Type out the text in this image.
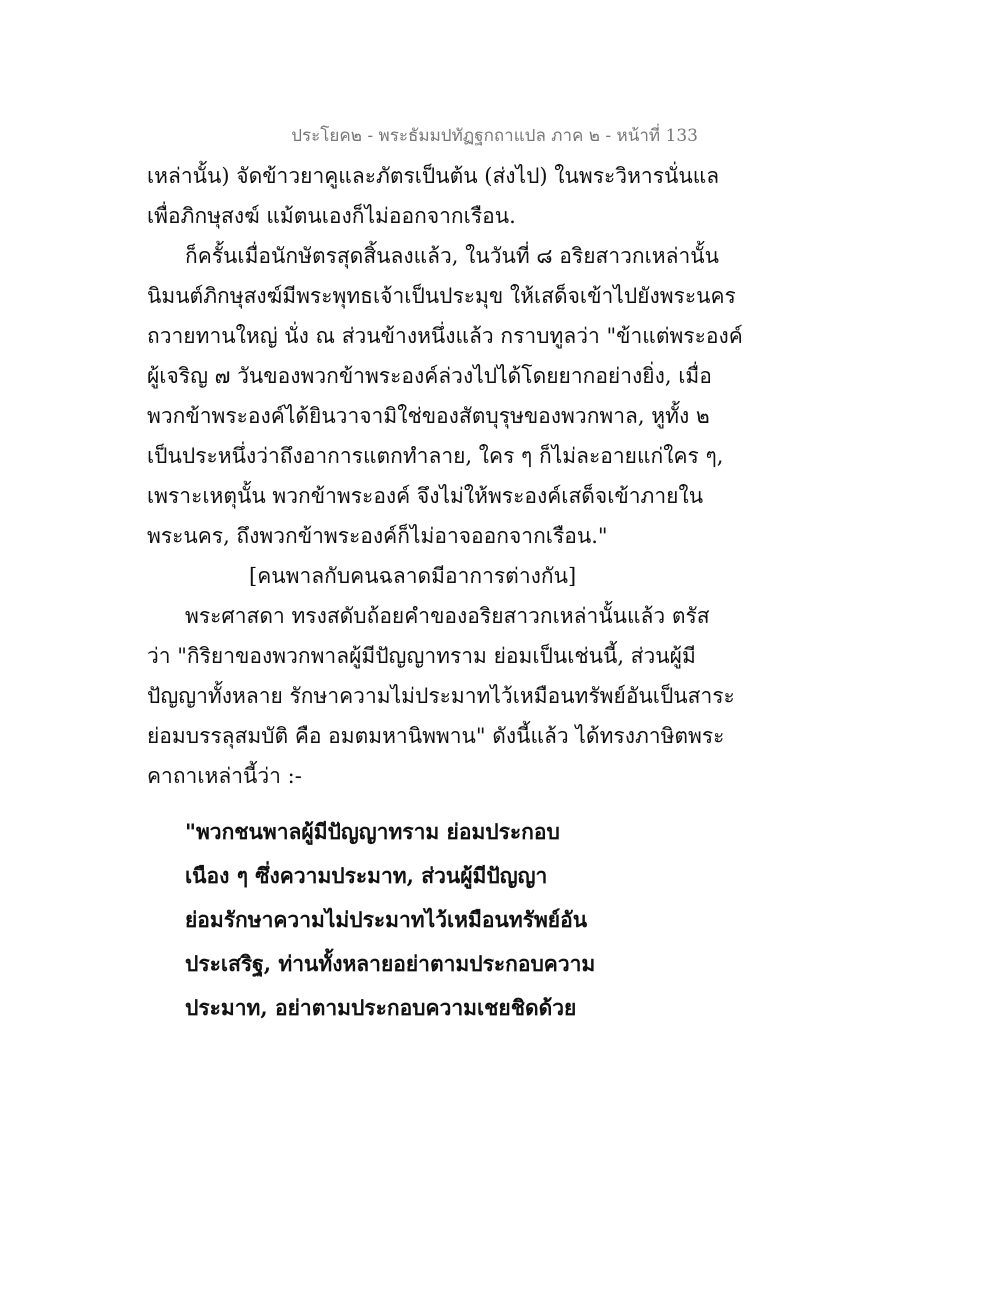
ประโยค๒ - พระธัมมปทัฏฐกถาแปล ภาค ๒ - หน้าที่ 133
เหล่านั้น) จัดข้าวยาคูและภัตรเป็นต้น (ส่งไป) ในพระวิหารนั่นแล
เพื่อภิกษุสงฆ์ แม้ตนเองก็ไม่ออกจากเรือน.
ก็ครั้นเมื่อนักษัตรสุดสิ้นลงแล้ว, ในวันที่ ๘ อริยสาวกเหล่านั้น
นิมนต์ภิกษุสงฆ์มีพระพุทธเจ้าเป็นประมุข ให้เสด็จเข้าไปยังพระนคร
ถวายทานใหญ่ นั่ง ณ ส่วนข้างหนึ่งแล้ว กราบทูลว่า "ข้าแต่พระองค์
ผู้เจริญ ๗ วันของพวกข้าพระองค์ล่วงไปได้โดยยากอย่างยิ่ง, เมื่อ
พวกข้าพระองค์ได้ยินวาจามิใช่ของสัตบุรุษของพวกพาล, หูทั้ง ๒
เป็นประหนึ่งว่าถึงอาการแตกทำลาย, ใคร ๆ ก็ไม่ละอายแก่ใคร ๆ,
เพราะเหตุนั้น พวกข้าพระองค์ จึงไม่ให้พระองค์เสด็จเข้าภายใน
พระนคร, ถึงพวกข้าพระองค์ก็ไม่อาจออกจากเรือน."
[คนพาลกับคนฉลาดมีอาการต่างกัน]
พระศาสดา ทรงสดับถ้อยคำของอริยสาวกเหล่านั้นแล้ว ตรัส
ว่า "กิริยาของพวกพาลผู้มีปัญญาทราม ย่อมเป็นเช่นนี้, ส่วนผู้มี
ปัญญาทั้งหลาย รักษาความไม่ประมาทไว้เหมือนทรัพย์อันเป็นสาระ
ย่อมบรรลุสมบัติ คือ อมตมหานิพพาน" ดังนี้แล้ว ได้ทรงภาษิตพระ
คาถาเหล่านี้ว่า :-
"พวกชนพาลผู้มีปัญญาทราม ย่อมประกอบ
เนือง ๆ ซึ่งความประมาท, ส่วนผู้มีปัญญา
ย่อมรักษาความไม่ประมาทไว้เหมือนทรัพย์อัน
ประเสริฐ, ท่านทั้งหลายอย่าตามประกอบความ
ประมาท, อย่าตามประกอบความเชยชิดด้วย
